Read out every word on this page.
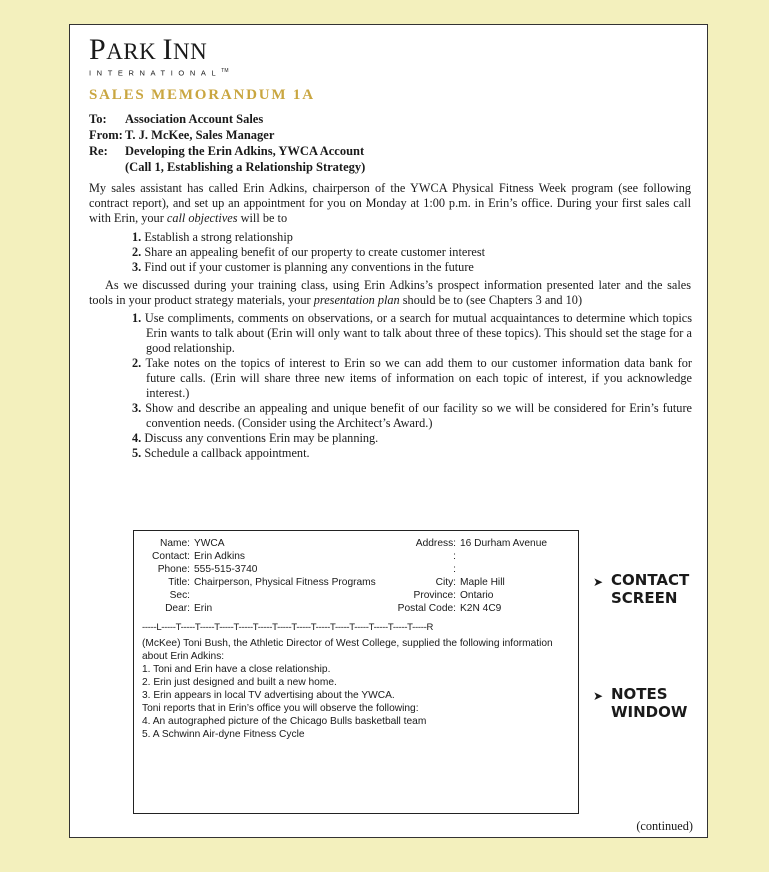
PARK INN
INTERNATIONAL™
SALES MEMORANDUM 1A
To: Association Account Sales
From: T. J. McKee, Sales Manager
Re: Developing the Erin Adkins, YWCA Account
(Call 1, Establishing a Relationship Strategy)
My sales assistant has called Erin Adkins, chairperson of the YWCA Physical Fitness Week program (see following contract report), and set up an appointment for you on Monday at 1:00 p.m. in Erin’s office. During your first sales call with Erin, your call objectives will be to
1. Establish a strong relationship
2. Share an appealing benefit of our property to create customer interest
3. Find out if your customer is planning any conventions in the future
As we discussed during your training class, using Erin Adkins’s prospect information presented later and the sales tools in your product strategy materials, your presentation plan should be to (see Chapters 3 and 10)
1. Use compliments, comments on observations, or a search for mutual acquaintances to determine which topics Erin wants to talk about (Erin will only want to talk about three of these topics). This should set the stage for a good relationship.
2. Take notes on the topics of interest to Erin so we can add them to our customer information data bank for future calls. (Erin will share three new items of information on each topic of interest, if you acknowledge interest.)
3. Show and describe an appealing and unique benefit of our facility so we will be considered for Erin’s future convention needs. (Consider using the Architect’s Award.)
4. Discuss any conventions Erin may be planning.
5. Schedule a callback appointment.
Name: YWCA
Contact: Erin Adkins
Phone: 555-515-3740
Title: Chairperson, Physical Fitness Programs
Sec:
Dear: Erin
Address: 16 Durham Avenue
:
:
City: Maple Hill
Province: Ontario
Postal Code: K2N 4C9
-----L-----T-----T-----T-----T-----T-----T-----T-----T-----T-----T-----T-----T-----T-----R
(McKee) Toni Bush, the Athletic Director of West College, supplied the following information about Erin Adkins:
1. Toni and Erin have a close relationship.
2. Erin just designed and built a new home.
3. Erin appears in local TV advertising about the YWCA.
Toni reports that in Erin’s office you will observe the following:
4. An autographed picture of the Chicago Bulls basketball team
5. A Schwinn Air-dyne Fitness Cycle
➤ CONTACT
SCREEN
➤ NOTES
WINDOW
(continued)
